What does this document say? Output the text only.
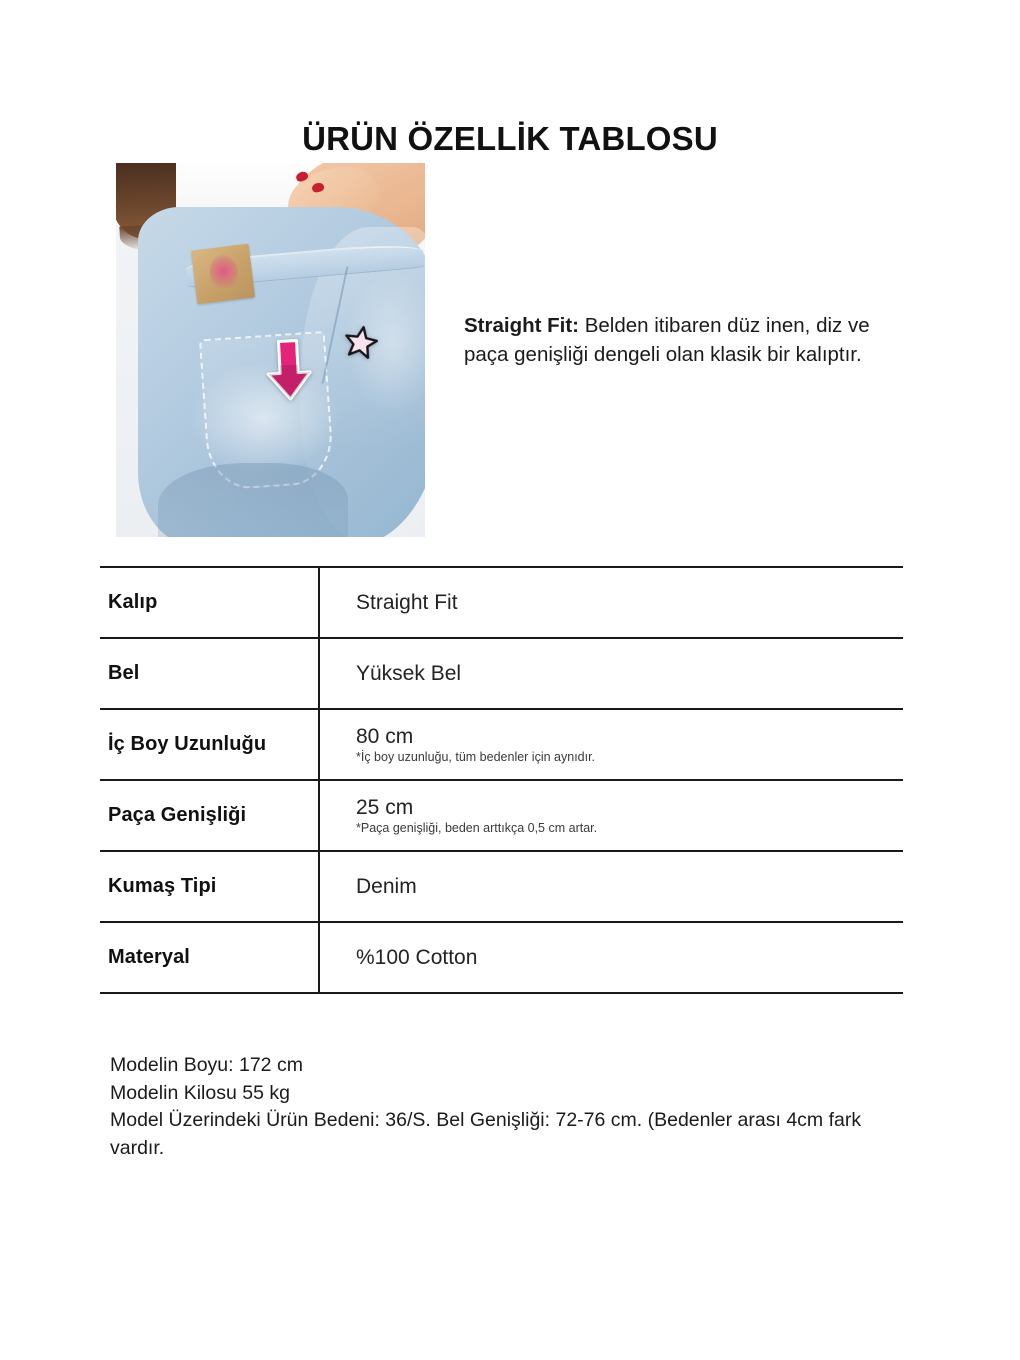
ÜRÜN ÖZELLİK TABLOSU

Straight Fit: Belden itibaren düz inen, diz ve paça genişliği dengeli olan klasik bir kalıptır.

Kalıp	Straight Fit

Bel	Yüksek Bel

İç Boy Uzunluğu	80 cm
*İç boy uzunluğu, tüm bedenler için aynıdır.

Paça Genişliği	25 cm
*Paça genişliği, beden arttıkça 0,5 cm artar.

Kumaş Tipi	Denim

Materyal	%100 Cotton
Modelin Boyu: 172 cm
Modelin Kilosu 55 kg
Model Üzerindeki Ürün Bedeni: 36/S. Bel Genişliği: 72-76 cm. (Bedenler arası 4cm fark vardır.
